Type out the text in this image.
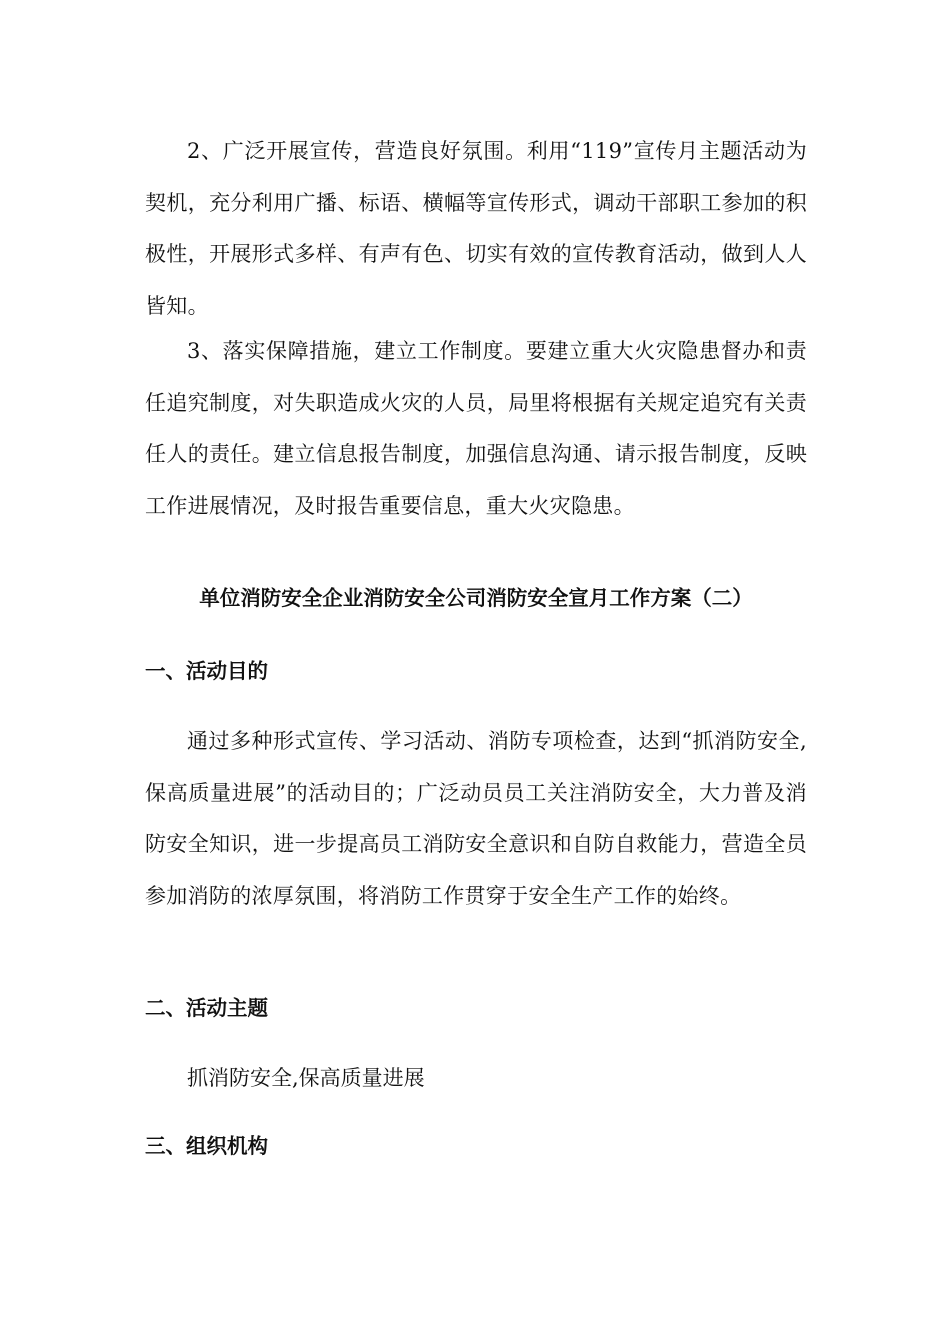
2、广泛开展宣传，营造良好氛围。利用“119”宣传月主题活动为契机，充分利用广播、标语、横幅等宣传形式，调动干部职工参加的积极性，开展形式多样、有声有色、切实有效的宣传教育活动，做到人人皆知。

3、落实保障措施，建立工作制度。要建立重大火灾隐患督办和责任追究制度，对失职造成火灾的人员，局里将根据有关规定追究有关责任人的责任。建立信息报告制度，加强信息沟通、请示报告制度，反映工作进展情况，及时报告重要信息，重大火灾隐患。

单位消防安全企业消防安全公司消防安全宣月工作方案（二）
一、活动目的

通过多种形式宣传、学习活动、消防专项检查，达到“抓消防安全,保高质量进展”的活动目的；广泛动员员工关注消防安全，大力普及消防安全知识，进一步提高员工消防安全意识和自防自救能力，营造全员参加消防的浓厚氛围，将消防工作贯穿于安全生产工作的始终。

二、活动主题

抓消防安全,保高质量进展

三、组织机构
